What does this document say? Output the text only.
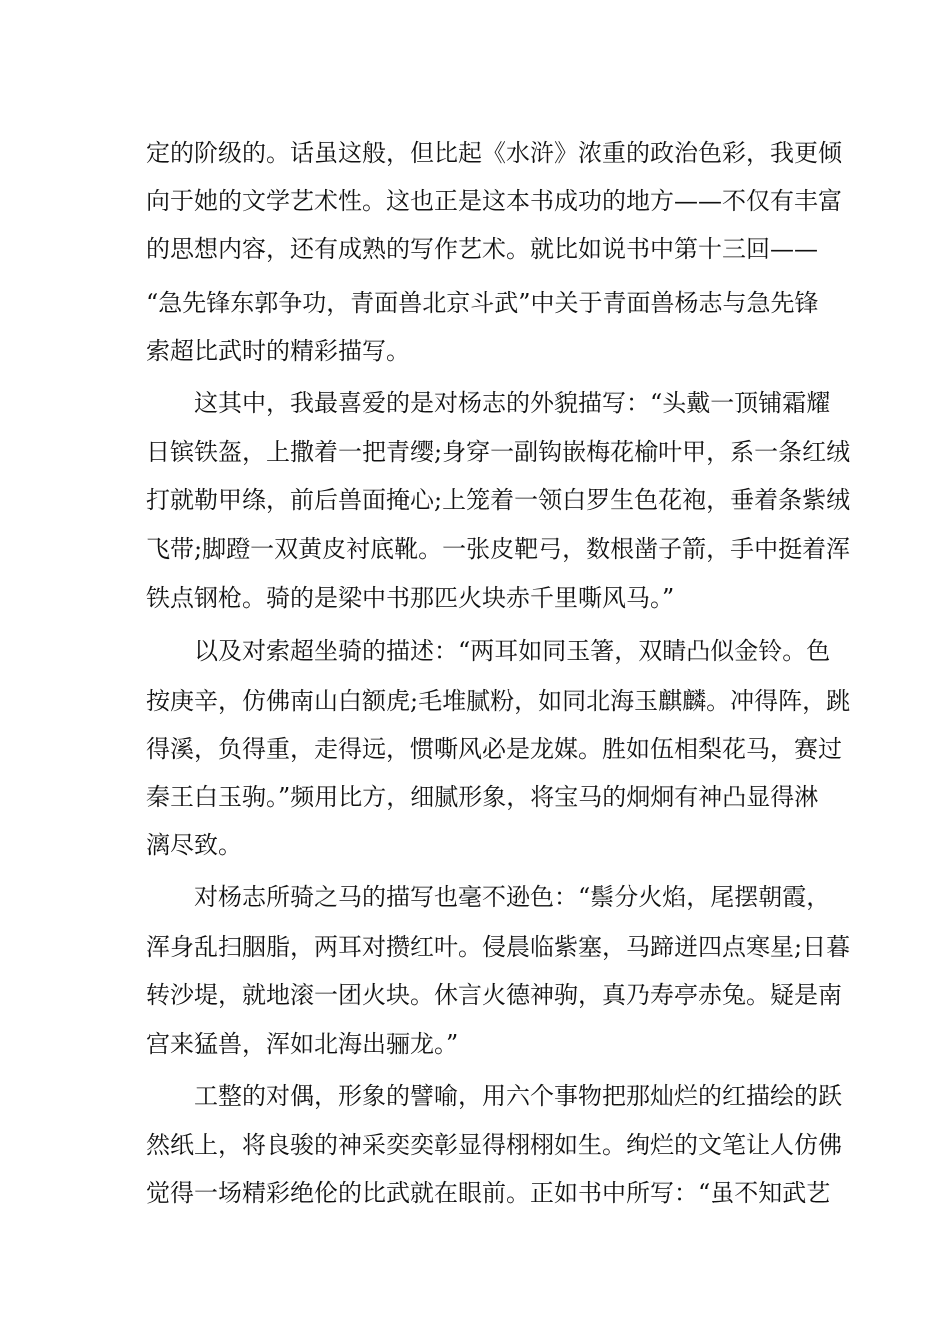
定的阶级的。话虽这般，但比起《水浒》浓重的政治色彩，我更倾
向于她的文学艺术性。这也正是这本书成功的地方——不仅有丰富
的思想内容，还有成熟的写作艺术。就比如说书中第十三回——
“急先锋东郭争功，青面兽北京斗武”中关于青面兽杨志与急先锋
索超比武时的精彩描写。
这其中，我最喜爱的是对杨志的外貌描写：“头戴一顶铺霜耀
日镔铁盔，上撒着一把青缨;身穿一副钩嵌梅花榆叶甲，系一条红绒
打就勒甲绦，前后兽面掩心;上笼着一领白罗生色花袍，垂着条紫绒
飞带;脚蹬一双黄皮衬底靴。一张皮靶弓，数根凿子箭，手中挺着浑
铁点钢枪。骑的是梁中书那匹火块赤千里嘶风马。”
以及对索超坐骑的描述：“两耳如同玉箸，双睛凸似金铃。色
按庚辛，仿佛南山白额虎;毛堆腻粉，如同北海玉麒麟。冲得阵，跳
得溪，负得重，走得远，惯嘶风必是龙媒。胜如伍相梨花马，赛过
秦王白玉驹。”频用比方，细腻形象，将宝马的炯炯有神凸显得淋
漓尽致。
对杨志所骑之马的描写也毫不逊色：“鬃分火焰，尾摆朝霞，
浑身乱扫胭脂，两耳对攒红叶。侵晨临紫塞，马蹄迸四点寒星;日暮
转沙堤，就地滚一团火块。休言火德神驹，真乃寿亭赤兔。疑是南
宫来猛兽，浑如北海出骊龙。”
工整的对偶，形象的譬喻，用六个事物把那灿烂的红描绘的跃
然纸上，将良骏的神采奕奕彰显得栩栩如生。绚烂的文笔让人仿佛
觉得一场精彩绝伦的比武就在眼前。正如书中所写：“虽不知武艺
